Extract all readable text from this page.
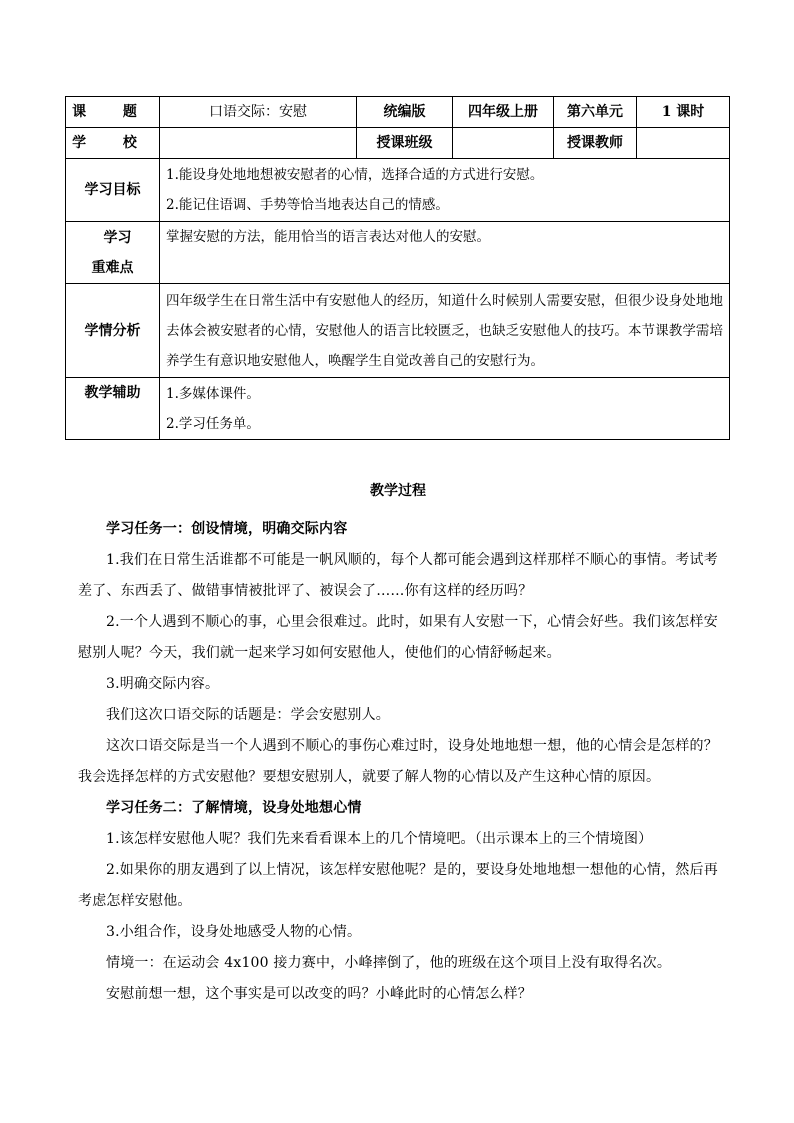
课 题	口语交际：安慰	统编版	四年级上册	第六单元	1 课时
学 校		授课班级		授课教师	
学习目标	1.能设身处地地想被安慰者的心情，选择合适的方式进行安慰。
2.能记住语调、手势等恰当地表达自己的情感。				

学习
重难点	掌握安慰的方法，能用恰当的语言表达对他人的安慰。				
学情分析	四年级学生在日常生活中有安慰他人的经历，知道什么时候别人需要安慰，但很少设身处地地去体会被安慰者的心情，安慰他人的语言比较匮乏，也缺乏安慰他人的技巧。本节课教学需培养学生有意识地安慰他人，唤醒学生自觉改善自己的安慰行为。				
教学辅助	1.多媒体课件。
2.学习任务单。				
教学过程

学习任务一：创设情境，明确交际内容

1.我们在日常生活谁都不可能是一帆风顺的，每个人都可能会遇到这样那样不顺心的事情。考试考差了、东西丢了、做错事情被批评了、被误会了……你有这样的经历吗？

2.一个人遇到不顺心的事，心里会很难过。此时，如果有人安慰一下，心情会好些。我们该怎样安慰别人呢？今天，我们就一起来学习如何安慰他人，使他们的心情舒畅起来。

3.明确交际内容。

我们这次口语交际的话题是：学会安慰别人。

这次口语交际是当一个人遇到不顺心的事伤心难过时，设身处地地想一想，他的心情会是怎样的？我会选择怎样的方式安慰他？要想安慰别人，就要了解人物的心情以及产生这种心情的原因。

学习任务二：了解情境，设身处地想心情

1.该怎样安慰他人呢？我们先来看看课本上的几个情境吧。（出示课本上的三个情境图）

2.如果你的朋友遇到了以上情况，该怎样安慰他呢？是的，要设身处地地想一想他的心情，然后再考虑怎样安慰他。

3.小组合作，设身处地感受人物的心情。

情境一：在运动会 4x100 接力赛中，小峰摔倒了，他的班级在这个项目上没有取得名次。

安慰前想一想，这个事实是可以改变的吗？小峰此时的心情怎么样？
